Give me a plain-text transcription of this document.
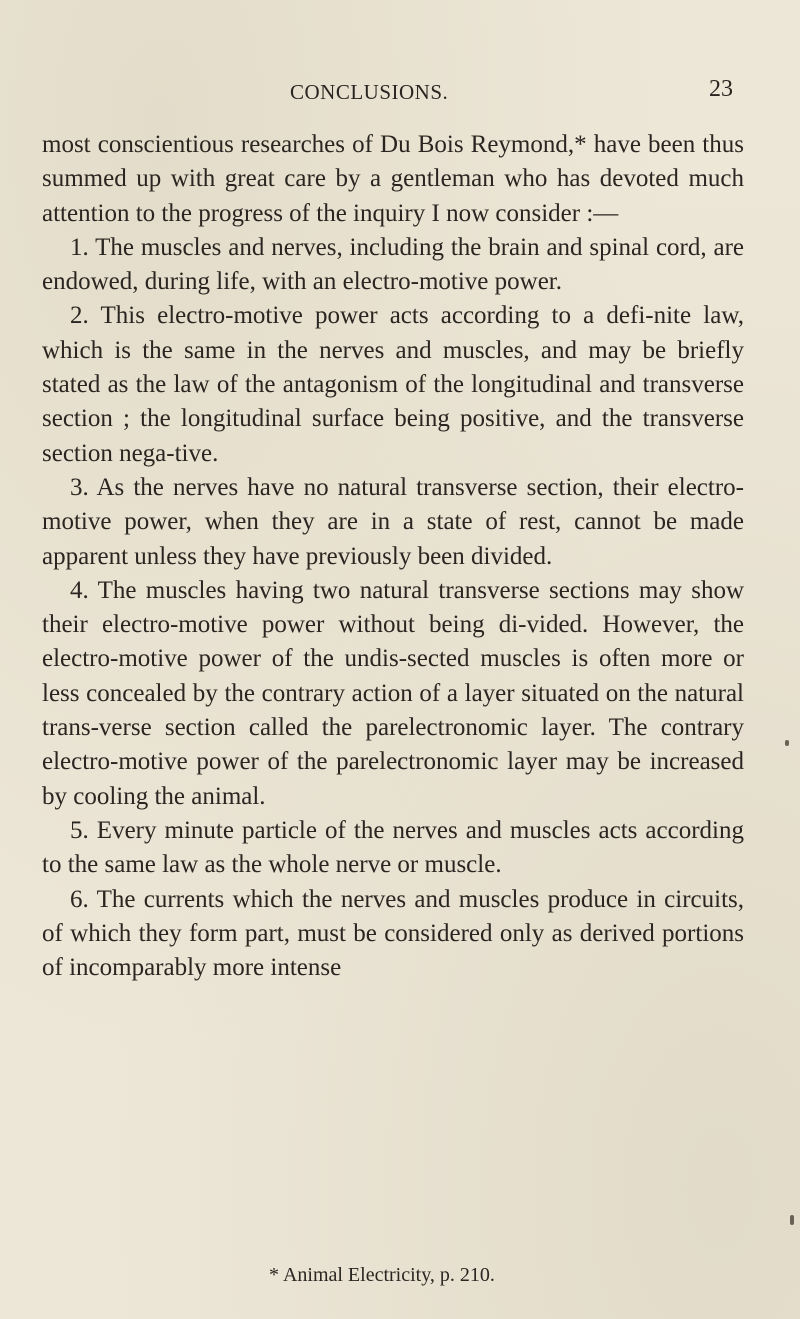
CONCLUSIONS.	23

most conscientious researches of Du Bois Reymond,* have been thus summed up with great care by a gentleman who has devoted much attention to the progress of the inquiry I now consider :—

1. The muscles and nerves, including the brain and spinal cord, are endowed, during life, with an electro-motive power.

2. This electro-motive power acts according to a defi-nite law, which is the same in the nerves and muscles, and may be briefly stated as the law of the antagonism of the longitudinal and transverse section ; the longitudinal surface being positive, and the transverse section nega-tive.

3. As the nerves have no natural transverse section, their electro-motive power, when they are in a state of rest, cannot be made apparent unless they have previously been divided.

4. The muscles having two natural transverse sections may show their electro-motive power without being di-vided. However, the electro-motive power of the undis-sected muscles is often more or less concealed by the contrary action of a layer situated on the natural trans-verse section called the parelectronomic layer. The contrary electro-motive power of the parelectronomic layer may be increased by cooling the animal.

5. Every minute particle of the nerves and muscles acts according to the same law as the whole nerve or muscle.

6. The currents which the nerves and muscles produce in circuits, of which they form part, must be considered only as derived portions of incomparably more intense

* Animal Electricity, p. 210.
